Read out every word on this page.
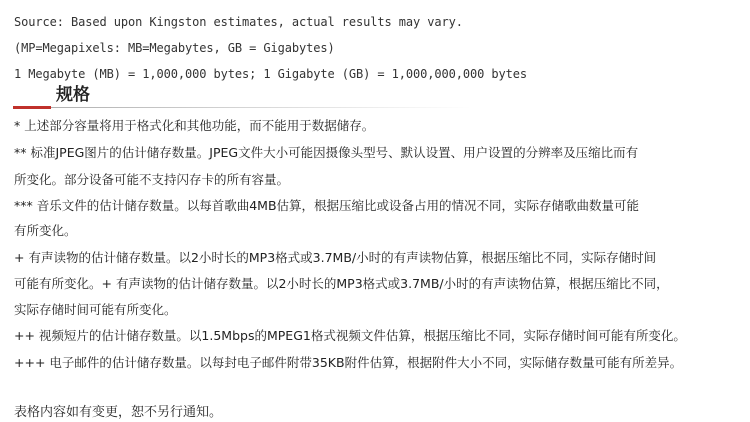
Source: Based upon Kingston estimates, actual results may vary.
(MP=Megapixels: MB=Megabytes, GB = Gigabytes)
1 Megabyte (MB) = 1,000,000 bytes; 1 Gigabyte (GB) = 1,000,000,000 bytes
规格
* 上述部分容量将用于格式化和其他功能，而不能用于数据储存。
** 标准JPEG图片的估计储存数量。JPEG文件大小可能因摄像头型号、默认设置、用户设置的分辨率及压缩比而有
所变化。部分设备可能不支持闪存卡的所有容量。
*** 音乐文件的估计储存数量。以每首歌曲4MB估算，根据压缩比或设备占用的情况不同，实际存储歌曲数量可能
有所变化。
+ 有声读物的估计储存数量。以2小时长的MP3格式或3.7MB/小时的有声读物估算，根据压缩比不同，实际存储时间
可能有所变化。+ 有声读物的估计储存数量。以2小时长的MP3格式或3.7MB/小时的有声读物估算，根据压缩比不同，
实际存储时间可能有所变化。
++ 视频短片的估计储存数量。以1.5Mbps的MPEG1格式视频文件估算，根据压缩比不同，实际存储时间可能有所变化。
+++ 电子邮件的估计储存数量。以每封电子邮件附带35KB附件估算，根据附件大小不同，实际储存数量可能有所差异。
表格内容如有变更，恕不另行通知。
